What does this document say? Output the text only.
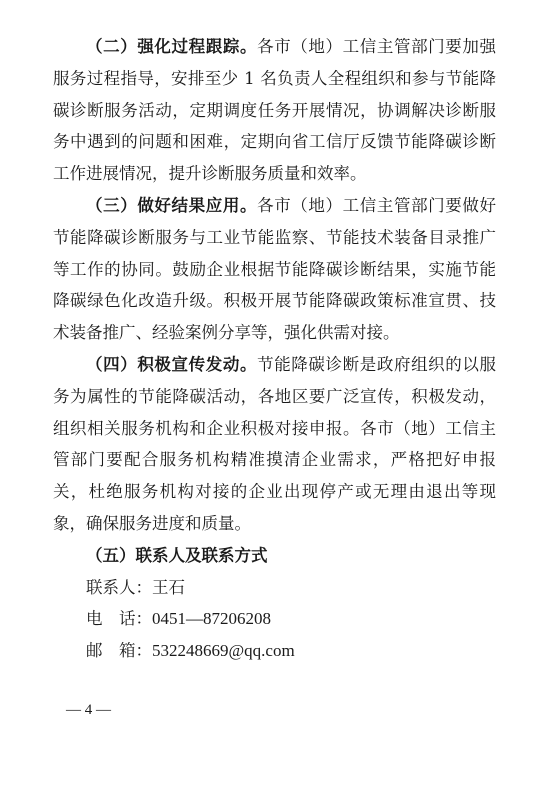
（二）强化过程跟踪。各市（地）工信主管部门要加强服务过程指导，安排至少 1 名负责人全程组织和参与节能降碳诊断服务活动，定期调度任务开展情况，协调解决诊断服务中遇到的问题和困难，定期向省工信厅反馈节能降碳诊断工作进展情况，提升诊断服务质量和效率。

（三）做好结果应用。各市（地）工信主管部门要做好节能降碳诊断服务与工业节能监察、节能技术装备目录推广等工作的协同。鼓励企业根据节能降碳诊断结果，实施节能降碳绿色化改造升级。积极开展节能降碳政策标准宣贯、技术装备推广、经验案例分享等，强化供需对接。

（四）积极宣传发动。节能降碳诊断是政府组织的以服务为属性的节能降碳活动，各地区要广泛宣传，积极发动，组织相关服务机构和企业积极对接申报。各市（地）工信主管部门要配合服务机构精准摸清企业需求，严格把好申报关，杜绝服务机构对接的企业出现停产或无理由退出等现象，确保服务进度和质量。

（五）联系人及联系方式

联系人：王石

电　话：0451—87206208

邮　箱：532248669@qq.com

— 4 —
